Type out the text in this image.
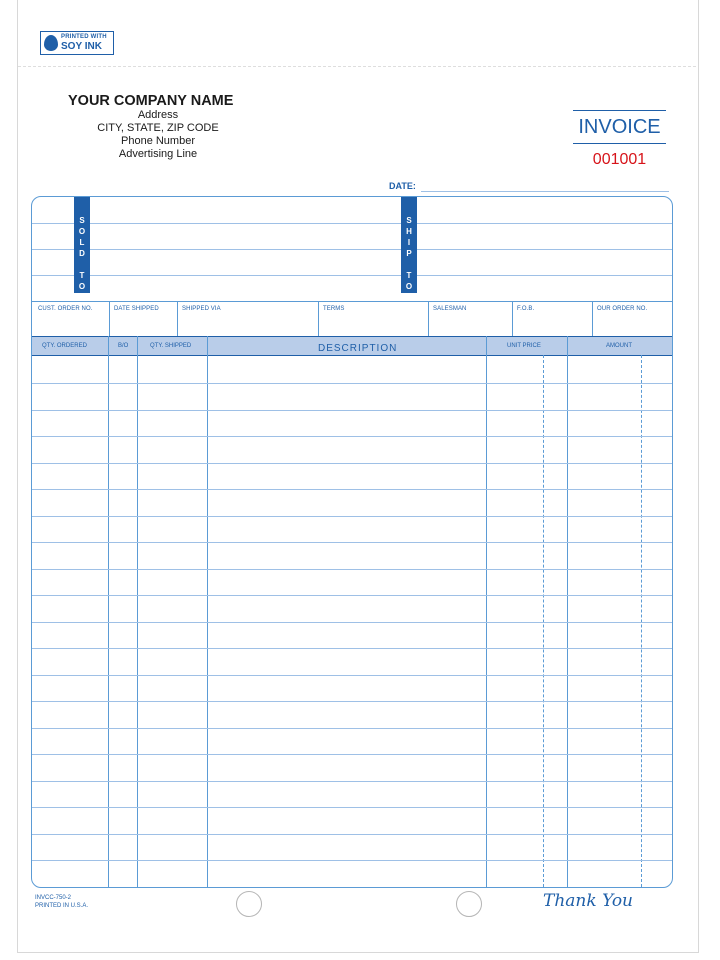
PRINTED WITH
SOY INK
YOUR COMPANY NAME
Address
CITY, STATE, ZIP CODE
Phone Number
Advertising Line
INVOICE
001001
DATE:
S
O
L
D
T
O
S
H
I
P
T
O
CUST. ORDER NO.	DATE SHIPPED	SHIPPED VIA	TERMS	SALESMAN	F.O.B.	OUR ORDER NO.
QTY. ORDERED	B/O	QTY. SHIPPED	DESCRIPTION	UNIT PRICE	AMOUNT
INVCC-750-2
PRINTED IN U.S.A.	Thank You
